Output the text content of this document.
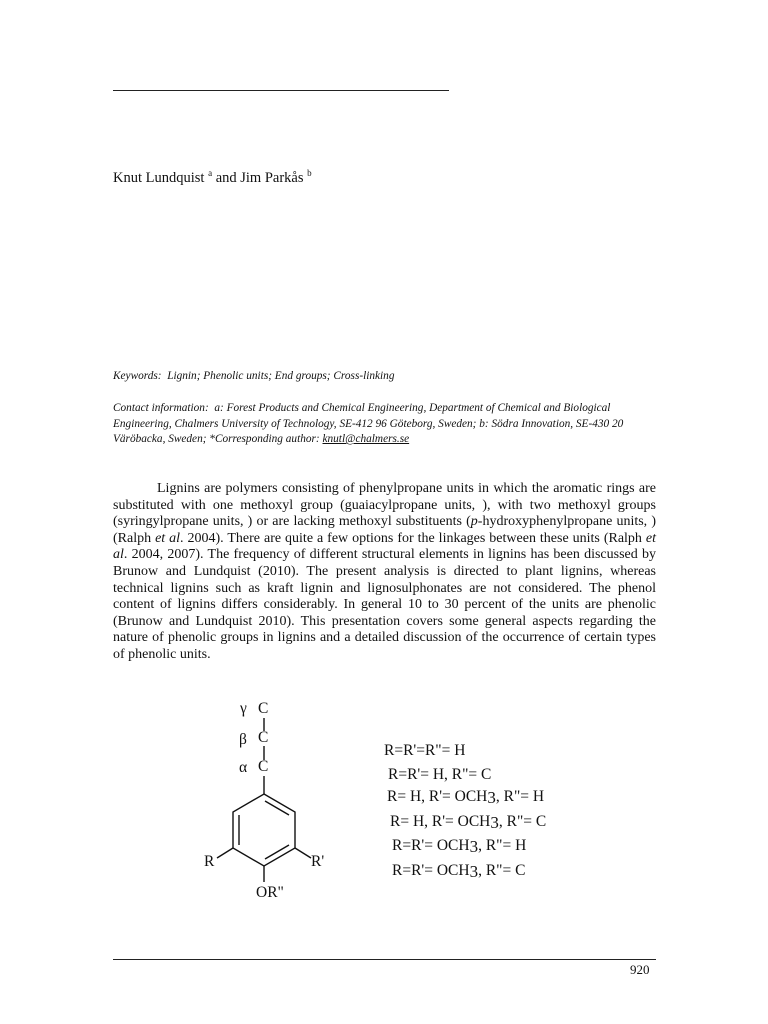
Knut Lundquist $^a$ and Jim Parkås $^b$
Keywords: Lignin; Phenolic units; End groups; Cross-linking
Contact information: a: Forest Products and Chemical Engineering, Department of Chemical and Biological Engineering, Chalmers University of Technology, SE-412 96 Göteborg, Sweden; b: Södra Innovation, SE-430 20 Väröbacka, Sweden; *Corresponding author: knutl@chalmers.se

Lignins are polymers consisting of phenylpropane units in which the aromatic rings are substituted with one methoxyl group (guaiacylpropane units, ), with two methoxyl groups (syringylpropane units, ) or are lacking methoxyl substituents (p-hydroxyphenylpropane units, ) (Ralph et al. 2004). There are quite a few options for the linkages between these units (Ralph et al. 2004, 2007). The frequency of different structural elements in lignins has been discussed by Brunow and Lundquist (2010). The present analysis is directed to plant lignins, whereas technical lignins such as kraft lignin and lignosulphonates are not considered. The phenol content of lignins differs considerably. In general 10 to 30 percent of the units are phenolic (Brunow and Lundquist 2010). This presentation covers some general aspects regarding the nature of phenolic groups in lignins and a detailed discussion of the occurrence of certain types of phenolic units.

γ C
β C
α C
R	R'
OR"
R=R'=R"= H
R=R'= H, R"= C
R= H, R'= OCH3, R"= H
R= H, R'= OCH3, R"= C
R=R'= OCH3, R"= H
R=R'= OCH3, R"= C
920
